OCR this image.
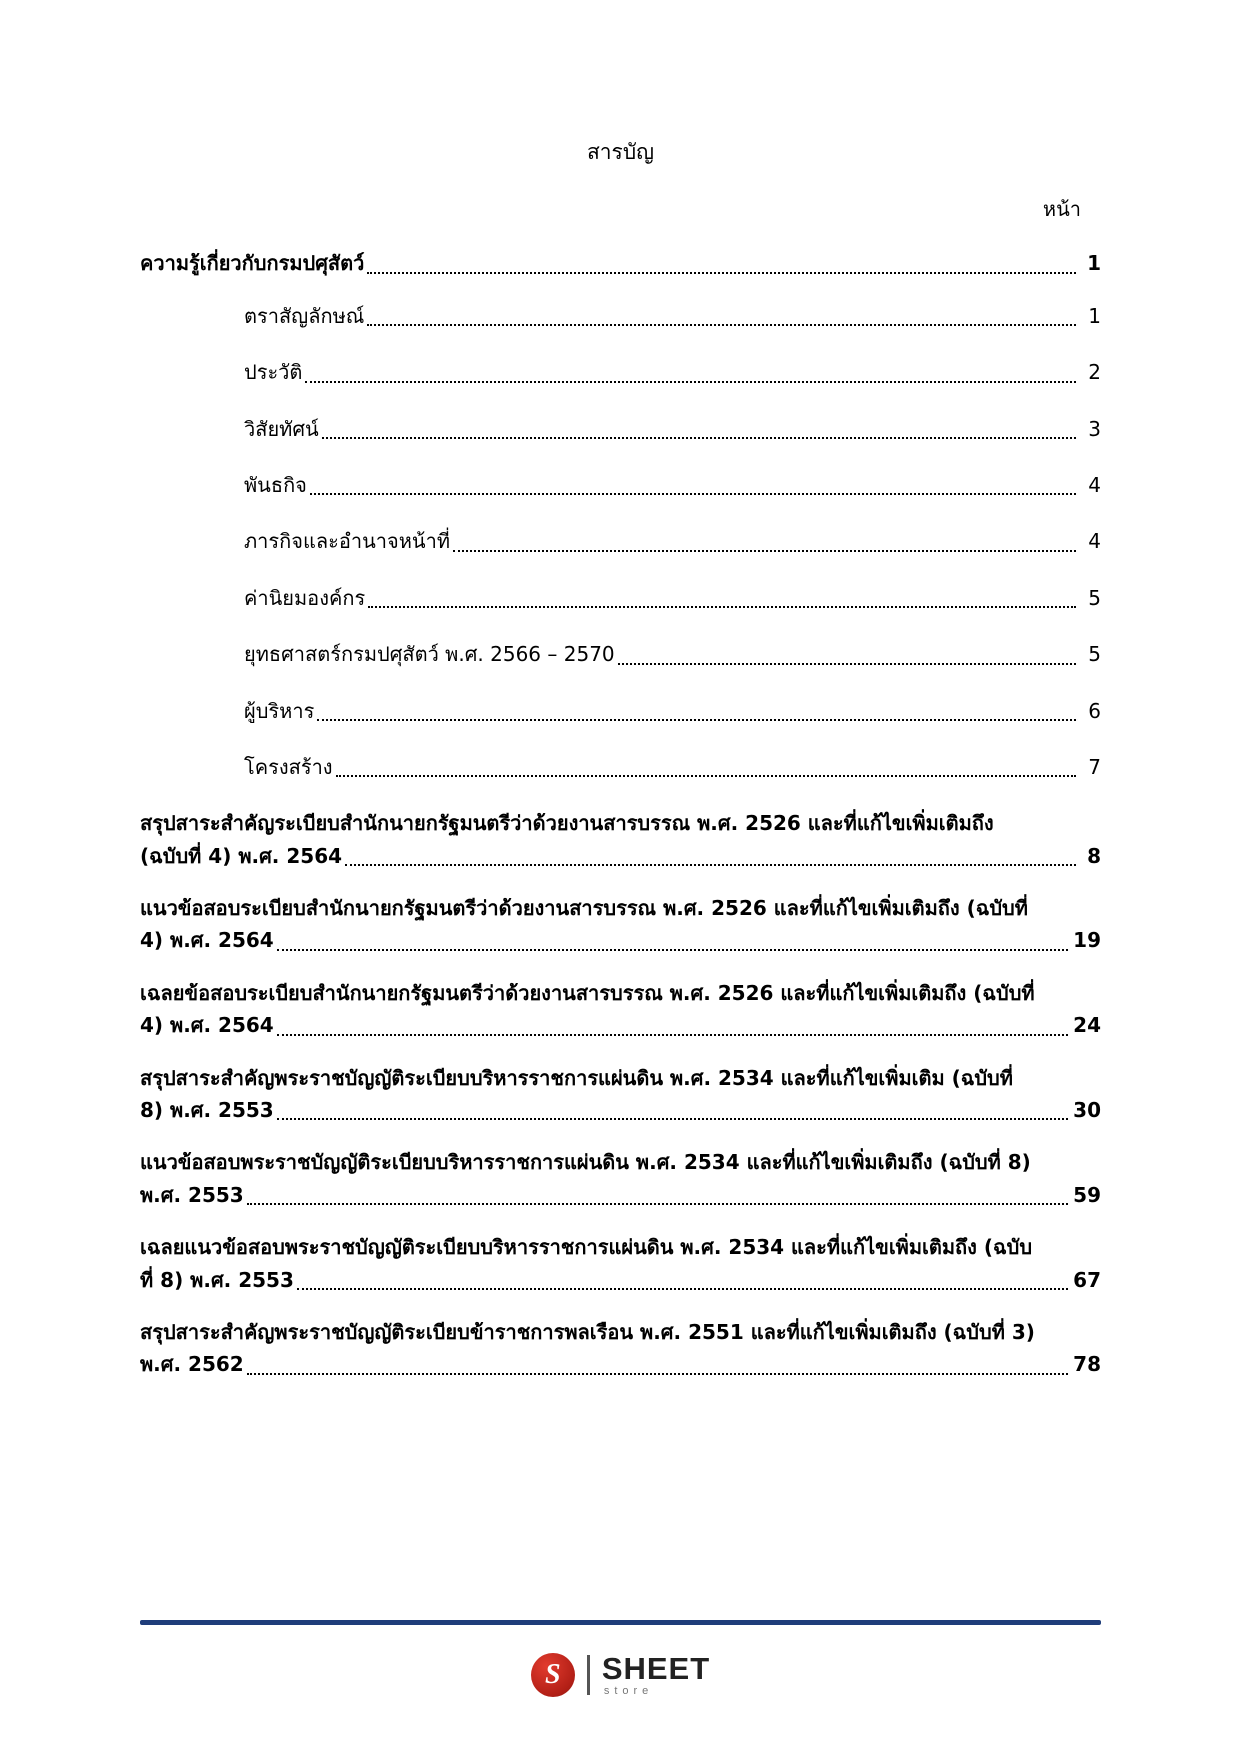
สารบัญ
หน้า
ความรู้เกี่ยวกับกรมปศุสัตว์	1
ตราสัญลักษณ์	1
ประวัติ	2
วิสัยทัศน์	3
พันธกิจ	4
ภารกิจและอำนาจหน้าที่	4
ค่านิยมองค์กร	5
ยุทธศาสตร์กรมปศุสัตว์ พ.ศ. 2566 – 2570	5
ผู้บริหาร	6
โครงสร้าง	7
สรุปสาระสำคัญระเบียบสำนักนายกรัฐมนตรีว่าด้วยงานสารบรรณ พ.ศ. 2526 และที่แก้ไขเพิ่มเติมถึง
(ฉบับที่ 4) พ.ศ. 2564	8
แนวข้อสอบระเบียบสำนักนายกรัฐมนตรีว่าด้วยงานสารบรรณ พ.ศ. 2526 และที่แก้ไขเพิ่มเติมถึง (ฉบับที่
4) พ.ศ. 2564	19
เฉลยข้อสอบระเบียบสำนักนายกรัฐมนตรีว่าด้วยงานสารบรรณ พ.ศ. 2526 และที่แก้ไขเพิ่มเติมถึง (ฉบับที่
4) พ.ศ. 2564	24
สรุปสาระสำคัญพระราชบัญญัติระเบียบบริหารราชการแผ่นดิน พ.ศ. 2534 และที่แก้ไขเพิ่มเติม (ฉบับที่
8) พ.ศ. 2553	30
แนวข้อสอบพระราชบัญญัติระเบียบบริหารราชการแผ่นดิน พ.ศ. 2534 และที่แก้ไขเพิ่มเติมถึง (ฉบับที่ 8)
พ.ศ. 2553	59
เฉลยแนวข้อสอบพระราชบัญญัติระเบียบบริหารราชการแผ่นดิน พ.ศ. 2534 และที่แก้ไขเพิ่มเติมถึง (ฉบับ
ที่ 8) พ.ศ. 2553	67
สรุปสาระสำคัญพระราชบัญญัติระเบียบข้าราชการพลเรือน พ.ศ. 2551 และที่แก้ไขเพิ่มเติมถึง (ฉบับที่ 3)
พ.ศ. 2562	78
S	SHEET
store
